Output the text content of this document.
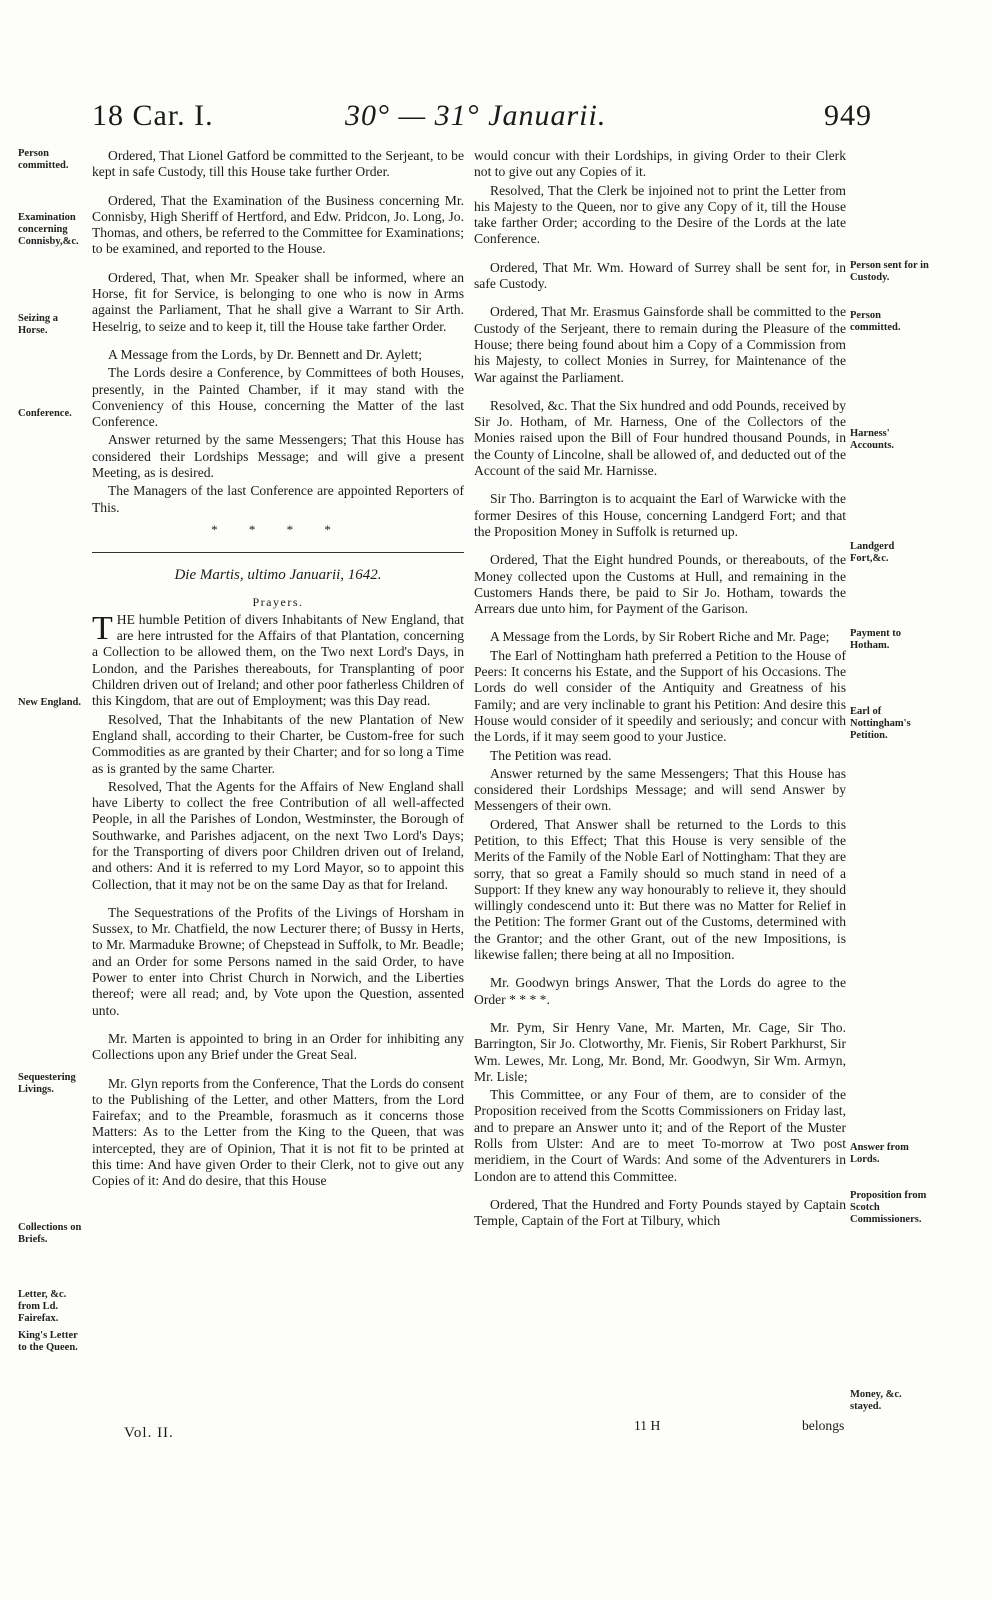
18 Car. I.	30° — 31° Januarii.	949
Person committed.
Examination concerning Connisby,&c.
Seizing a Horse.
Conference.
New England.
Sequestering Livings.
Collections on Briefs.
Letter, &c. from Ld. Fairefax.
King's Letter to the Queen.
Person sent for in Custody.
Person committed.
Harness' Accounts.
Landgerd Fort,&c.
Payment to Hotham.
Earl of Nottingham's Petition.
Answer from Lords.
Proposition from Scotch Commissioners.
Money, &c. stayed.

Ordered, That Lionel Gatford be committed to the Serjeant, to be kept in safe Custody, till this House take further Order.

Ordered, That the Examination of the Business concerning Mr. Connisby, High Sheriff of Hertford, and Edw. Pridcon, Jo. Long, Jo. Thomas, and others, be referred to the Committee for Examinations; to be examined, and reported to the House.

Ordered, That, when Mr. Speaker shall be informed, where an Horse, fit for Service, is belonging to one who is now in Arms against the Parliament, That he shall give a Warrant to Sir Arth. Heselrig, to seize and to keep it, till the House take farther Order.

A Message from the Lords, by Dr. Bennett and Dr. Aylett;

The Lords desire a Conference, by Committees of both Houses, presently, in the Painted Chamber, if it may stand with the Conveniency of this House, concerning the Matter of the last Conference.

Answer returned by the same Messengers; That this House has considered their Lordships Message; and will give a present Meeting, as is desired.

The Managers of the last Conference are appointed Reporters of This.

* * * *
Die Martis, ultimo Januarii, 1642.
Prayers.

THE humble Petition of divers Inhabitants of New England, that are here intrusted for the Affairs of that Plantation, concerning a Collection to be allowed them, on the Two next Lord's Days, in London, and the Parishes thereabouts, for Transplanting of poor Children driven out of Ireland; and other poor fatherless Children of this Kingdom, that are out of Employment; was this Day read.

Resolved, That the Inhabitants of the new Plantation of New England shall, according to their Charter, be Custom-free for such Commodities as are granted by their Charter; and for so long a Time as is granted by the same Charter.

Resolved, That the Agents for the Affairs of New England shall have Liberty to collect the free Contribution of all well-affected People, in all the Parishes of London, Westminster, the Borough of Southwarke, and Parishes adjacent, on the next Two Lord's Days; for the Transporting of divers poor Children driven out of Ireland, and others: And it is referred to my Lord Mayor, so to appoint this Collection, that it may not be on the same Day as that for Ireland.

The Sequestrations of the Profits of the Livings of Horsham in Sussex, to Mr. Chatfield, the now Lecturer there; of Bussy in Herts, to Mr. Marmaduke Browne; of Chepstead in Suffolk, to Mr. Beadle; and an Order for some Persons named in the said Order, to have Power to enter into Christ Church in Norwich, and the Liberties thereof; were all read; and, by Vote upon the Question, assented unto.

Mr. Marten is appointed to bring in an Order for inhibiting any Collections upon any Brief under the Great Seal.

Mr. Glyn reports from the Conference, That the Lords do consent to the Publishing of the Letter, and other Matters, from the Lord Fairefax; and to the Preamble, forasmuch as it concerns those Matters: As to the Letter from the King to the Queen, that was intercepted, they are of Opinion, That it is not fit to be printed at this time: And have given Order to their Clerk, not to give out any Copies of it: And do desire, that this House

would concur with their Lordships, in giving Order to their Clerk not to give out any Copies of it.

Resolved, That the Clerk be injoined not to print the Letter from his Majesty to the Queen, nor to give any Copy of it, till the House take farther Order; according to the Desire of the Lords at the late Conference.

Ordered, That Mr. Wm. Howard of Surrey shall be sent for, in safe Custody.

Ordered, That Mr. Erasmus Gainsforde shall be committed to the Custody of the Serjeant, there to remain during the Pleasure of the House; there being found about him a Copy of a Commission from his Majesty, to collect Monies in Surrey, for Maintenance of the War against the Parliament.

Resolved, &c. That the Six hundred and odd Pounds, received by Sir Jo. Hotham, of Mr. Harness, One of the Collectors of the Monies raised upon the Bill of Four hundred thousand Pounds, in the County of Lincolne, shall be allowed of, and deducted out of the Account of the said Mr. Harnisse.

Sir Tho. Barrington is to acquaint the Earl of Warwicke with the former Desires of this House, concerning Landgerd Fort; and that the Proposition Money in Suffolk is returned up.

Ordered, That the Eight hundred Pounds, or thereabouts, of the Money collected upon the Customs at Hull, and remaining in the Customers Hands there, be paid to Sir Jo. Hotham, towards the Arrears due unto him, for Payment of the Garison.

A Message from the Lords, by Sir Robert Riche and Mr. Page;

The Earl of Nottingham hath preferred a Petition to the House of Peers: It concerns his Estate, and the Support of his Occasions. The Lords do well consider of the Antiquity and Greatness of his Family; and are very inclinable to grant his Petition: And desire this House would consider of it speedily and seriously; and concur with the Lords, if it may seem good to your Justice.

The Petition was read.

Answer returned by the same Messengers; That this House has considered their Lordships Message; and will send Answer by Messengers of their own.

Ordered, That Answer shall be returned to the Lords to this Petition, to this Effect; That this House is very sensible of the Merits of the Family of the Noble Earl of Nottingham: That they are sorry, that so great a Family should so much stand in need of a Support: If they knew any way honourably to relieve it, they should willingly condescend unto it: But there was no Matter for Relief in the Petition: The former Grant out of the Customs, determined with the Grantor; and the other Grant, out of the new Impositions, is likewise fallen; there being at all no Imposition.

Mr. Goodwyn brings Answer, That the Lords do agree to the Order * * * *.

Mr. Pym, Sir Henry Vane, Mr. Marten, Mr. Cage, Sir Tho. Barrington, Sir Jo. Clotworthy, Mr. Fienis, Sir Robert Parkhurst, Sir Wm. Lewes, Mr. Long, Mr. Bond, Mr. Goodwyn, Sir Wm. Armyn, Mr. Lisle;

This Committee, or any Four of them, are to consider of the Proposition received from the Scotts Commissioners on Friday last, and to prepare an Answer unto it; and of the Report of the Muster Rolls from Ulster: And are to meet To-morrow at Two post meridiem, in the Court of Wards: And some of the Adventurers in London are to attend this Committee.

Ordered, That the Hundred and Forty Pounds stayed by Captain Temple, Captain of the Fort at Tilbury, which

Vol. II.	11 H	belongs
